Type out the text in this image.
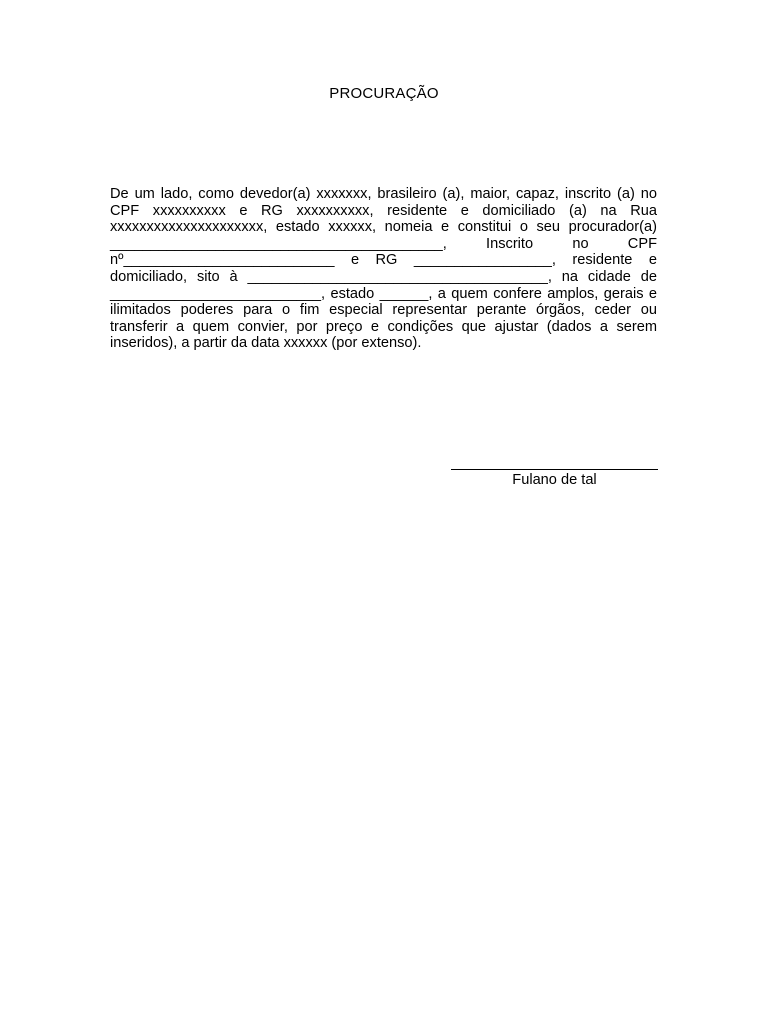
PROCURAÇÃO

De um lado, como devedor(a) xxxxxxx, brasileiro (a), maior, capaz, inscrito (a) no CPF xxxxxxxxxx e RG xxxxxxxxxx, residente e domiciliado (a) na Rua xxxxxxxxxxxxxxxxxxxxx, estado xxxxxx, nomeia e constitui o seu procurador(a) _________________________________________, Inscrito no CPF nº__________________________ e RG _________________, residente e domiciliado, sito à _____________________________________, na cidade de __________________________, estado ______, a quem confere amplos, gerais e ilimitados poderes para o fim especial representar perante órgãos, ceder ou transferir a quem convier, por preço e condições que ajustar (dados a serem inseridos), a partir da data xxxxxx (por extenso).

Fulano de tal
